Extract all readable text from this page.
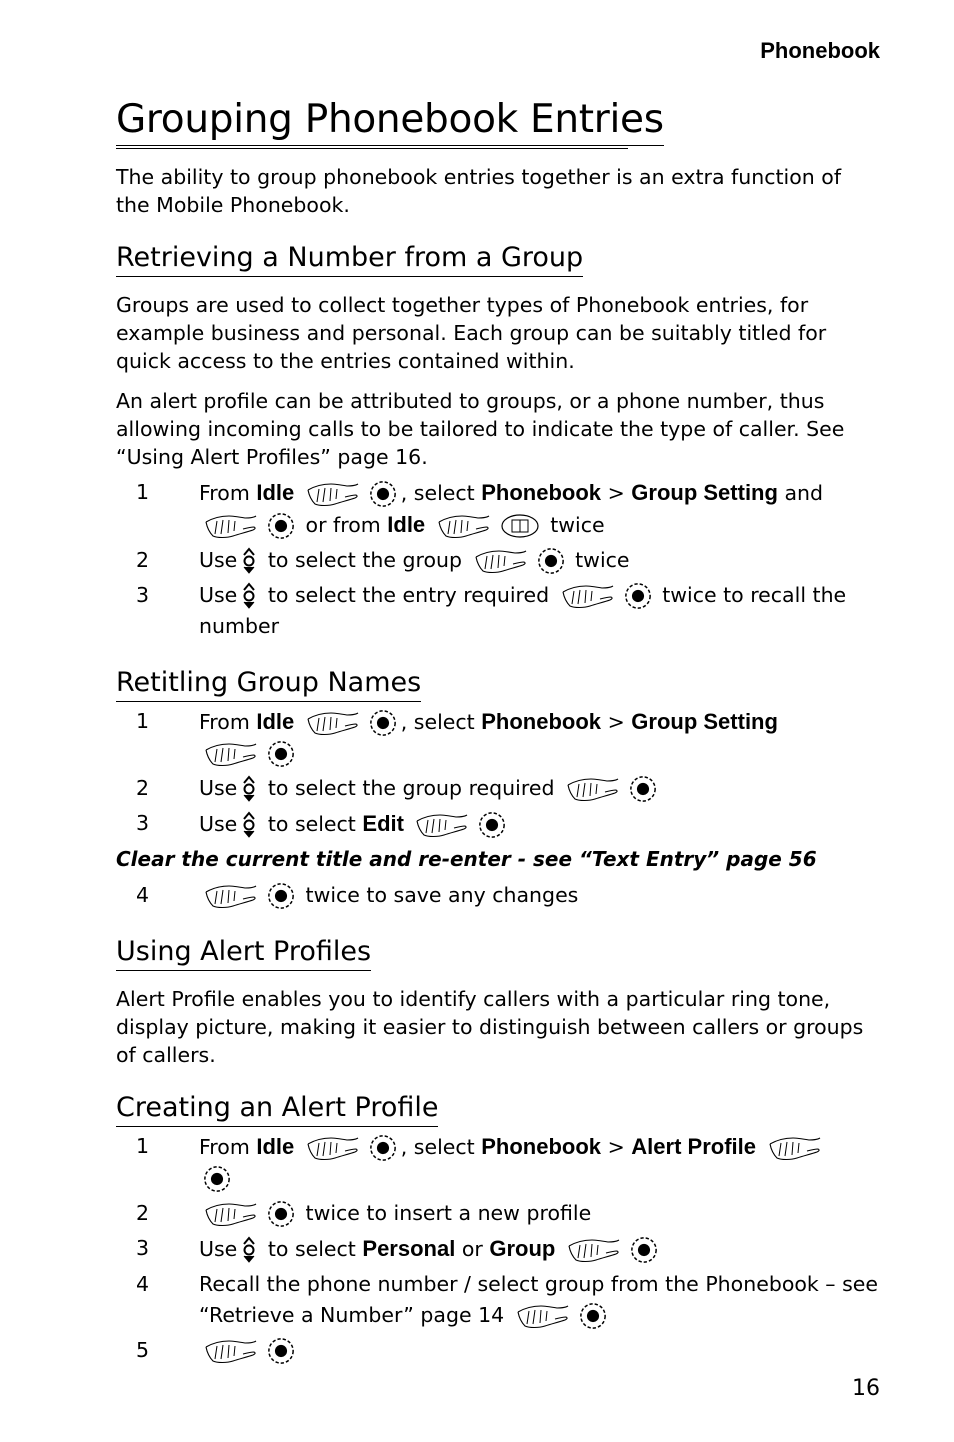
Phonebook
Grouping Phonebook Entries

The ability to group phonebook entries together is an extra function of the Mobile Phonebook.

Retrieving a Number from a Group

Groups are used to collect together types of Phonebook entries, for example business and personal. Each group can be suitably titled for quick access to the entries contained within.

An alert profile can be attributed to groups, or a phone number, thus allowing incoming calls to be tailored to indicate the type of caller. See “Using Alert Profiles” page 16.

1 From Idle	, select Phonebook > Group Setting and
or from Idle	twice
2 Use to select the group	twice
3 Use to select the entry required	twice to recall the number
Retitling Group Names
1 From Idle	, select Phonebook > Group Setting

2 Use to select the group required
3 Use to select Edit
Clear the current title and re-enter - see “Text Entry” page 56
4	twice to save any changes
Using Alert Profiles

Alert Profile enables you to identify callers with a particular ring tone, display picture, making it easier to distinguish between callers or groups of callers.

Creating an Alert Profile
1 From Idle	, select Phonebook > Alert Profile

2	twice to insert a new profile
3 Use to select Personal or Group
4 Recall the phone number / select group from the Phonebook – see “Retrieve a Number” page 14
5
16
